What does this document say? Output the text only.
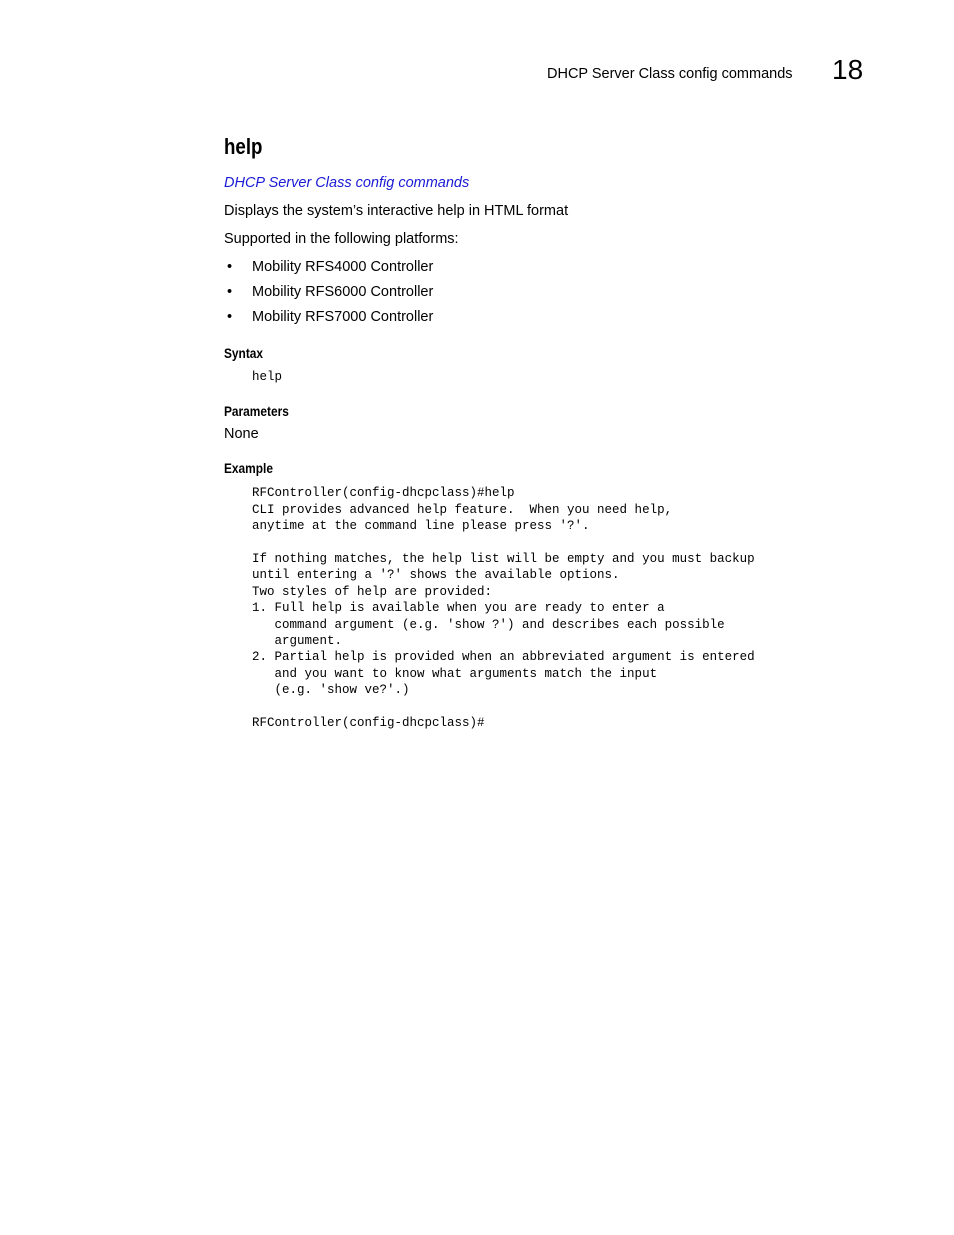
DHCP Server Class config commands 18
help
DHCP Server Class config commands

Displays the system’s interactive help in HTML format

Supported in the following platforms:

• Mobility RFS4000 Controller
• Mobility RFS6000 Controller
• Mobility RFS7000 Controller
Syntax
help
Parameters

None

Example
RFController(config-dhcpclass)#help
CLI provides advanced help feature.  When you need help,
anytime at the command line please press '?'.

If nothing matches, the help list will be empty and you must backup
until entering a '?' shows the available options.
Two styles of help are provided:
1. Full help is available when you are ready to enter a
command argument (e.g. 'show ?') and describes each possible
argument.
2. Partial help is provided when an abbreviated argument is entered
and you want to know what arguments match the input
(e.g. 'show ve?'.)

RFController(config-dhcpclass)#
